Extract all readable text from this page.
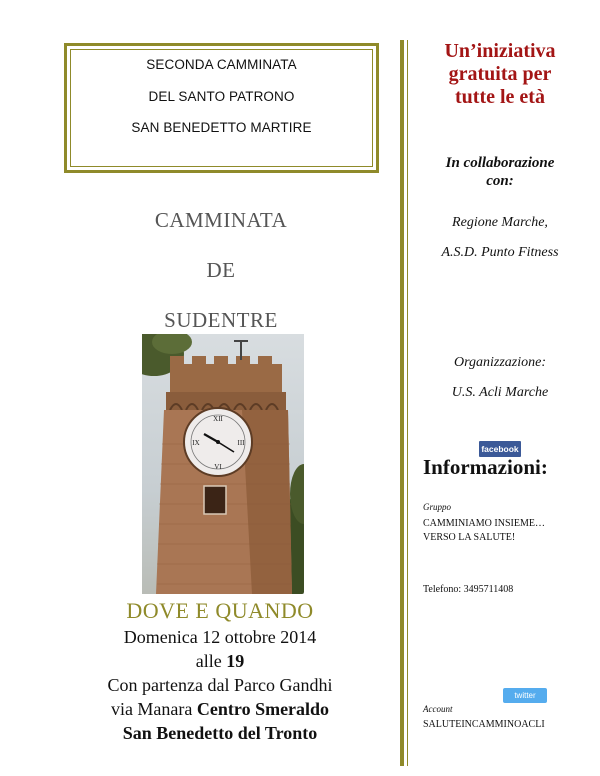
SECONDA CAMMINATA
DEL SANTO PATRONO
SAN BENEDETTO MARTIRE
CAMMINATA
DE
SUDENTRE
XII
III
VI
IX
DOVE E QUANDO
Domenica 12 ottobre 2014
alle 19
Con partenza dal Parco Gandhi
via Manara Centro Smeraldo
San Benedetto del Tronto
Un’iniziativa
gratuita per
tutte le età
In collaborazione
con:
Regione Marche,
A.S.D. Punto Fitness
Organizzazione:
U.S. Acli Marche
facebook
Informazioni:
Gruppo
CAMMINIAMO INSIEME…
VERSO LA SALUTE!
Telefono: 3495711408
twitter
Account
SALUTEINCAMMINOACLI
